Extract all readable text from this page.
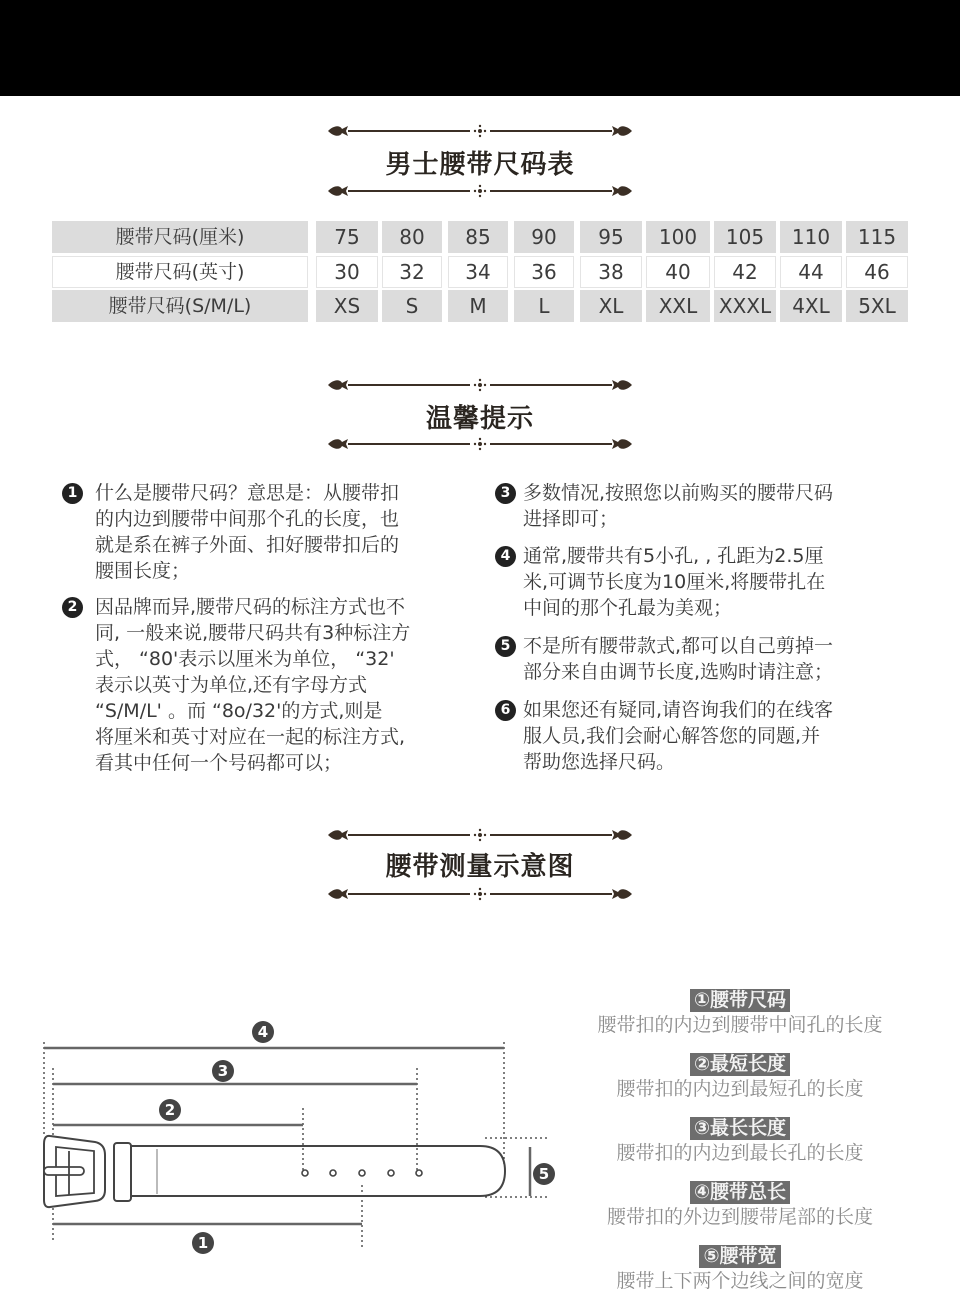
男士腰带尺码表
腰带尺码(厘米)	75	80	85	90	95	100	105	110	115
腰带尺码(英寸)	30	32	34	36	38	40	42	44	46
腰带尺码(S/M/L)	XS	S	M	L	XL	XXL	XXXL	4XL	5XL
温馨提示
1 什么是腰带尺码？意思是：从腰带扣

的内边到腰带中间那个孔的长度，也

就是系在裤子外面、扣好腰带扣后的

腰围长度；

2 因品牌而异,腰带尺码的标注方式也不

同, 一般来说,腰带尺码共有3种标注方

式， “80'表示以厘米为单位， “32'

表示以英寸为单位,还有字母方式

“S/M/L' 。而 “8o/32'的方式,则是

将厘米和英寸对应在一起的标注方式,

看其中任何一个号码都可以；

3 多数情况,按照您以前购买的腰带尺码

进择即可；

4 通常,腰带共有5小孔, , 孔距为2.5厘

米,可调节长度为10厘米,将腰带扎在

中间的那个孔最为美观；

5 不是所有腰带款式,都可以自己剪掉一

部分来自由调节长度,选购时请注意；

6 如果您还有疑同,请咨询我们的在线客

服人员,我们会耐心解答您的同题,并

帮助您选择尺码。

腰带测量示意图
4
3
2
1
5
①腰带尺码
腰带扣的内边到腰带中间孔的长度
②最短长度
腰带扣的内边到最短孔的长度
③最长长度
腰带扣的内边到最长孔的长度
④腰带总长
腰带扣的外边到腰带尾部的长度
⑤腰带宽
腰带上下两个边线之间的宽度
